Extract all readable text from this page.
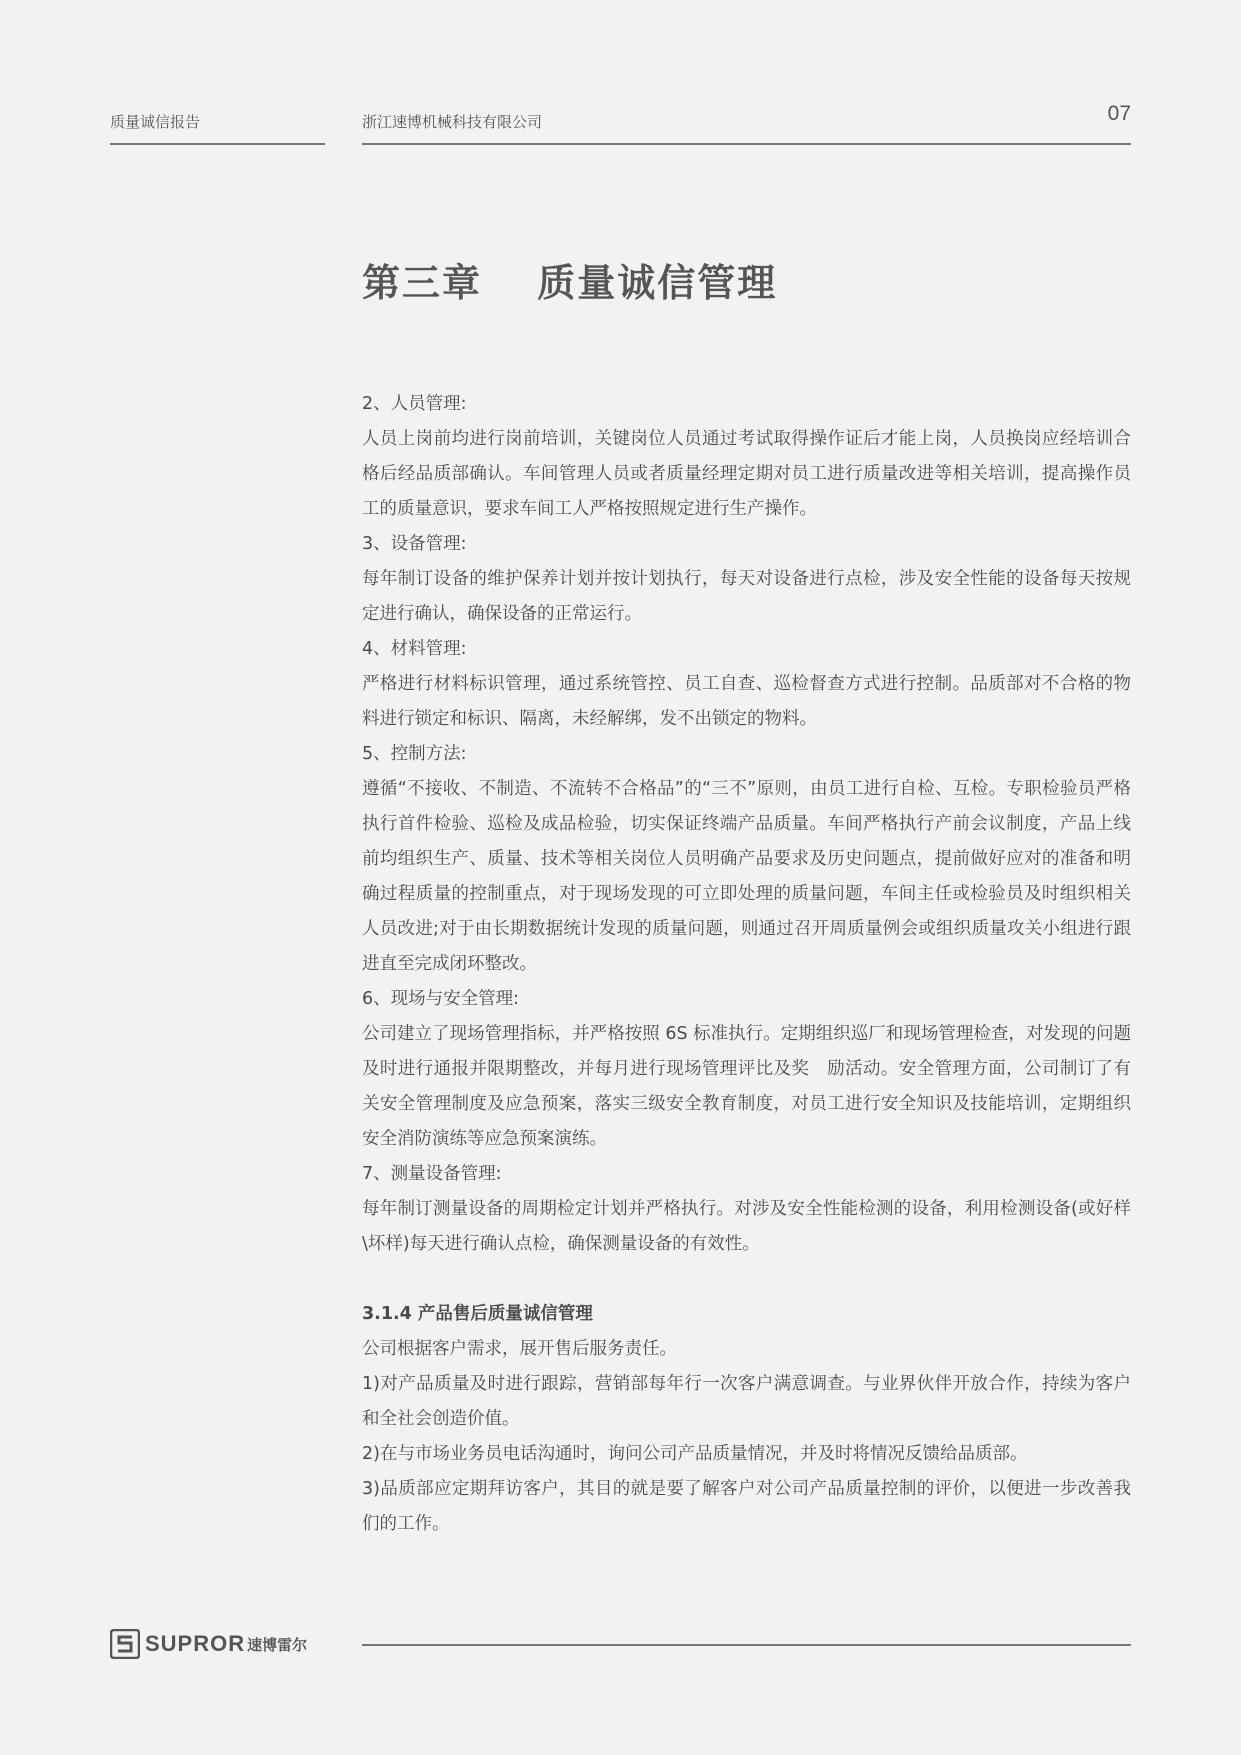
质量诚信报告	浙江速博机械科技有限公司	07
第三章　 质量诚信管理

2、人员管理:

人员上岗前均进行岗前培训，关键岗位人员通过考试取得操作证后才能上岗，人员换岗应经培训合格后经品质部确认。车间管理人员或者质量经理定期对员工进行质量改进等相关培训，提高操作员工的质量意识，要求车间工人严格按照规定进行生产操作。

3、设备管理:

每年制订设备的维护保养计划并按计划执行，每天对设备进行点检，涉及安全性能的设备每天按规定进行确认，确保设备的正常运行。

4、材料管理:

严格进行材料标识管理，通过系统管控、员工自查、巡检督查方式进行控制。品质部对不合格的物料进行锁定和标识、隔离，未经解绑，发不出锁定的物料。

5、控制方法:

遵循“不接收、不制造、不流转不合格品”的“三不”原则，由员工进行自检、互检。专职检验员严格执行首件检验、巡检及成品检验，切实保证终端产品质量。车间严格执行产前会议制度，产品上线前均组织生产、质量、技术等相关岗位人员明确产品要求及历史问题点，提前做好应对的准备和明确过程质量的控制重点，对于现场发现的可立即处理的质量问题，车间主任或检验员及时组织相关人员改进;对于由长期数据统计发现的质量问题，则通过召开周质量例会或组织质量攻关小组进行跟进直至完成闭环整改。

6、现场与安全管理:

公司建立了现场管理指标，并严格按照 6S 标准执行。定期组织巡厂和现场管理检查，对发现的问题及时进行通报并限期整改，并每月进行现场管理评比及奖　励活动。安全管理方面，公司制订了有关安全管理制度及应急预案，落实三级安全教育制度，对员工进行安全知识及技能培训，定期组织安全消防演练等应急预案演练。

7、测量设备管理:

每年制订测量设备的周期检定计划并严格执行。对涉及安全性能检测的设备，利用检测设备(或好样\坏样)每天进行确认点检，确保测量设备的有效性。

3.1.4 产品售后质量诚信管理

公司根据客户需求，展开售后服务责任。

1)对产品质量及时进行跟踪，营销部每年行一次客户满意调查。与业界伙伴开放合作，持续为客户和全社会创造价值。

2)在与市场业务员电话沟通时，询问公司产品质量情况，并及时将情况反馈给品质部。

3)品质部应定期拜访客户，其目的就是要了解客户对公司产品质量控制的评价，以便进一步改善我们的工作。

SUPROR 速博雷尔
